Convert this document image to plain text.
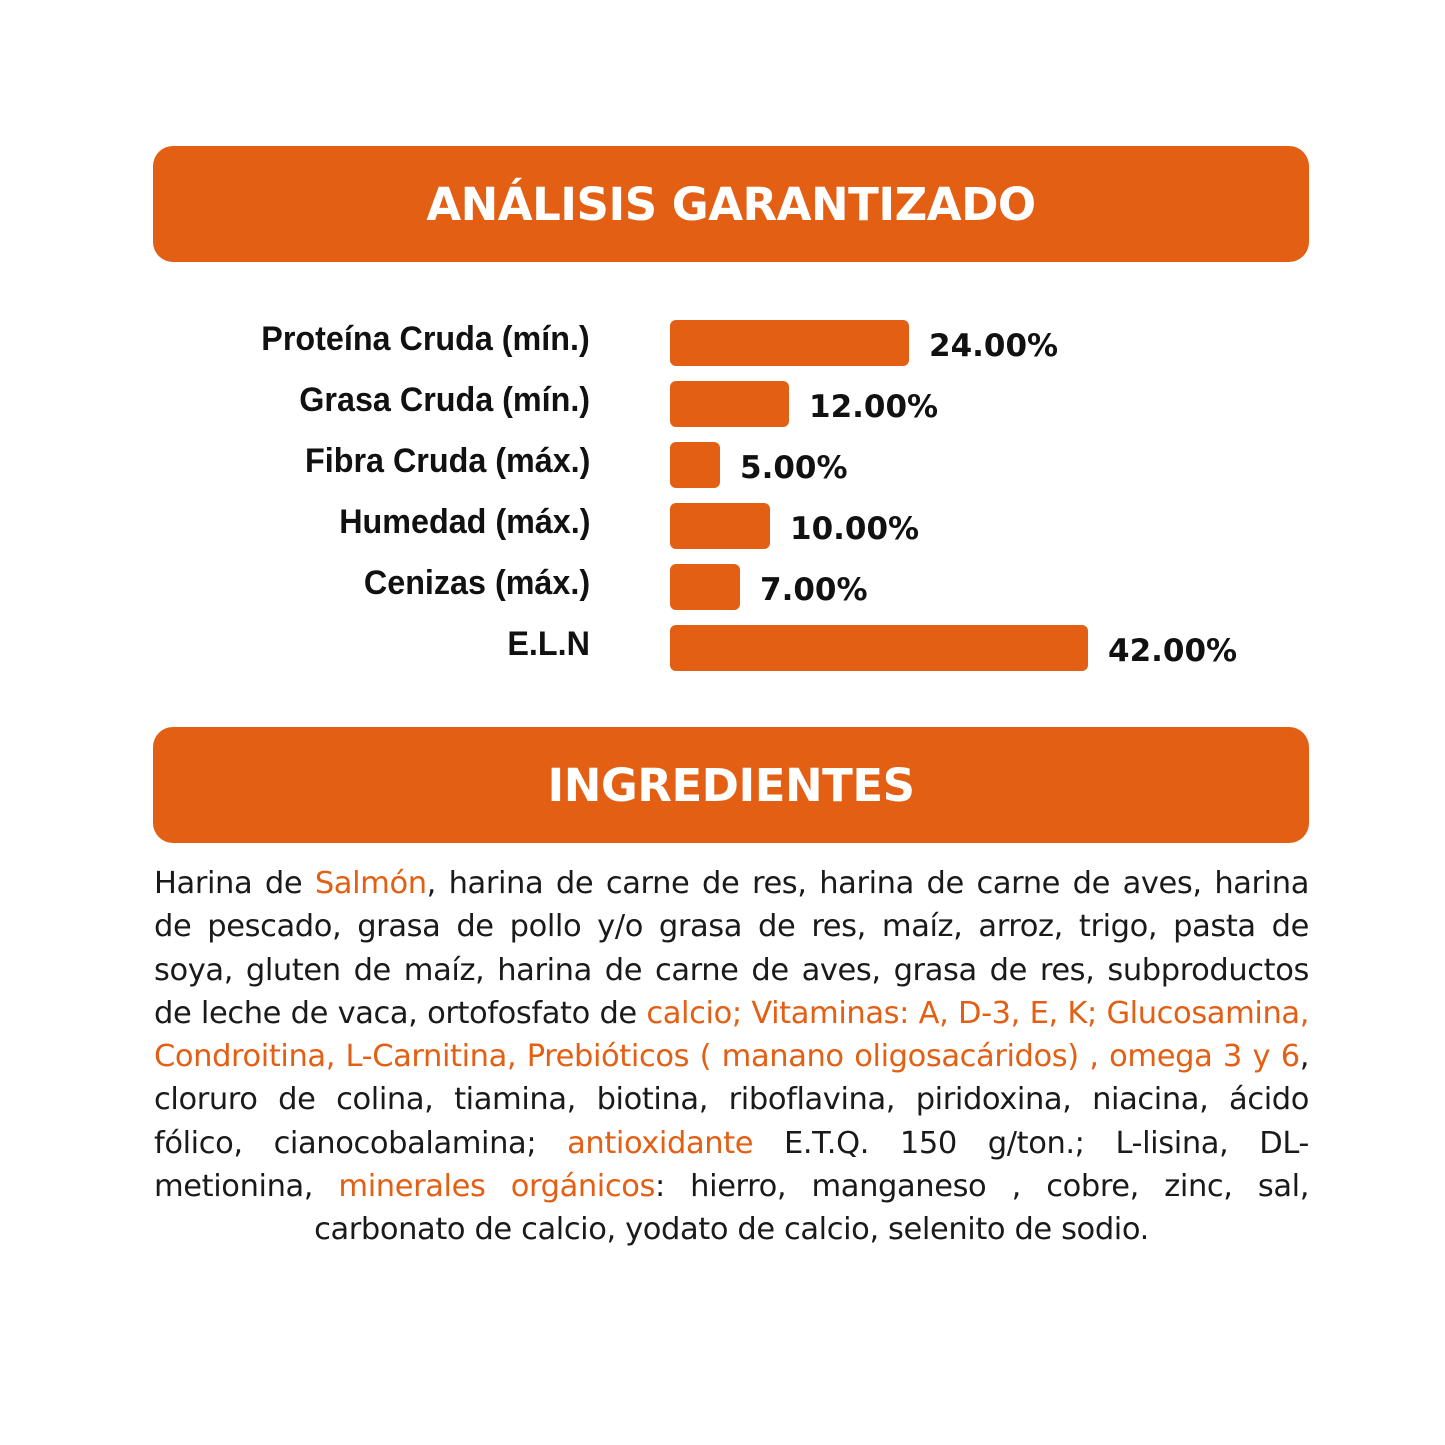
ANÁLISIS GARANTIZADO
Proteína Cruda (mín.)	24.00%
Grasa Cruda (mín.)	12.00%
Fibra Cruda (máx.)	5.00%
Humedad (máx.)	10.00%
Cenizas (máx.)	7.00%
E.L.N	42.00%
INGREDIENTES

Harina de Salmón, harina de carne de res, harina de carne de aves, harina de pescado, grasa de pollo y/o grasa de res, maíz, arroz, trigo, pasta de soya, gluten de maíz, harina de carne de aves, grasa de res, subproductos de leche de vaca, ortofosfato de calcio; Vitaminas: A, D-3, E, K; Glucosamina, Condroitina, L-Carnitina, Prebióticos ( manano oligosacáridos) , omega 3 y 6, cloruro de colina, tiamina, biotina, riboflavina, piridoxina, niacina, ácido fólico, cianocobalamina; antioxidante E.T.Q. 150 g/ton.; L-lisina, DL-metionina, minerales orgánicos: hierro, manganeso , cobre, zinc, sal, carbonato de calcio, yodato de calcio, selenito de sodio.
